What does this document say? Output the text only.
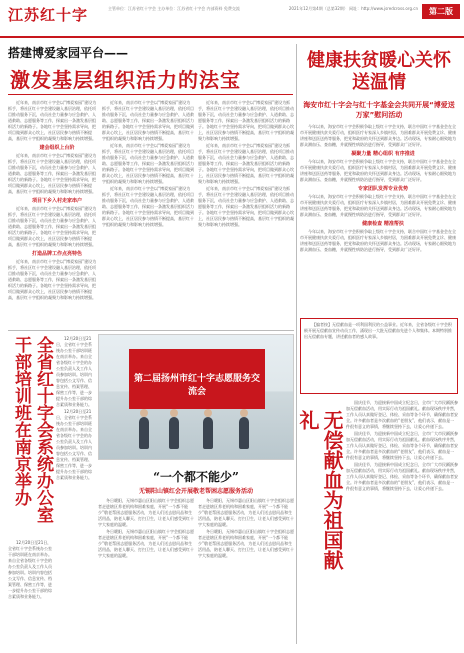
江苏红十字	主管单位：江苏省红十字会 主办单位：江苏省红十字会 内部资料 免费交流	2021年12月第4期（总第32期） 网址：http://www.jsredcross.org.cn	第二版
搭建博爱家园平台——
激发基层组织活力的法宝

近年来，南京市红十字会以“博爱家园”建设为抓手，将社区红十字会建设融入基层治理，依托项目推动服务下沉，动员社会力量参与应急救护、人道救助、志愿服务等工作，探索出一条激发基层组织活力的新路子。各地红十字会坚持需求导向，把项目做到群众心坎上，社区居民参与热情不断提高，基层红十字组织的凝聚力和影响力持续增强。

建会组织上台阶

近年来，南京市红十字会以“博爱家园”建设为抓手，将社区红十字会建设融入基层治理，依托项目推动服务下沉，动员社会力量参与应急救护、人道救助、志愿服务等工作，探索出一条激发基层组织活力的新路子。各地红十字会坚持需求导向，把项目做到群众心坎上，社区居民参与热情不断提高，基层红十字组织的凝聚力和影响力持续增强。

项目下乡入村走家串户

近年来，南京市红十字会以“博爱家园”建设为抓手，将社区红十字会建设融入基层治理，依托项目推动服务下沉，动员社会力量参与应急救护、人道救助、志愿服务等工作，探索出一条激发基层组织活力的新路子。各地红十字会坚持需求导向，把项目做到群众心坎上，社区居民参与热情不断提高，基层红十字组织的凝聚力和影响力持续增强。

打造品牌工作点亮特色

近年来，南京市红十字会以“博爱家园”建设为抓手，将社区红十字会建设融入基层治理，依托项目推动服务下沉，动员社会力量参与应急救护、人道救助、志愿服务等工作，探索出一条激发基层组织活力的新路子。各地红十字会坚持需求导向，把项目做到群众心坎上，社区居民参与热情不断提高，基层红十字组织的凝聚力和影响力持续增强。

近年来，南京市红十字会以“博爱家园”建设为抓手，将社区红十字会建设融入基层治理，依托项目推动服务下沉，动员社会力量参与应急救护、人道救助、志愿服务等工作，探索出一条激发基层组织活力的新路子。各地红十字会坚持需求导向，把项目做到群众心坎上，社区居民参与热情不断提高，基层红十字组织的凝聚力和影响力持续增强。

近年来，南京市红十字会以“博爱家园”建设为抓手，将社区红十字会建设融入基层治理，依托项目推动服务下沉，动员社会力量参与应急救护、人道救助、志愿服务等工作，探索出一条激发基层组织活力的新路子。各地红十字会坚持需求导向，把项目做到群众心坎上，社区居民参与热情不断提高，基层红十字组织的凝聚力和影响力持续增强。

近年来，南京市红十字会以“博爱家园”建设为抓手，将社区红十字会建设融入基层治理，依托项目推动服务下沉，动员社会力量参与应急救护、人道救助、志愿服务等工作，探索出一条激发基层组织活力的新路子。各地红十字会坚持需求导向，把项目做到群众心坎上，社区居民参与热情不断提高，基层红十字组织的凝聚力和影响力持续增强。

近年来，南京市红十字会以“博爱家园”建设为抓手，将社区红十字会建设融入基层治理，依托项目推动服务下沉，动员社会力量参与应急救护、人道救助、志愿服务等工作，探索出一条激发基层组织活力的新路子。各地红十字会坚持需求导向，把项目做到群众心坎上，社区居民参与热情不断提高，基层红十字组织的凝聚力和影响力持续增强。

近年来，南京市红十字会以“博爱家园”建设为抓手，将社区红十字会建设融入基层治理，依托项目推动服务下沉，动员社会力量参与应急救护、人道救助、志愿服务等工作，探索出一条激发基层组织活力的新路子。各地红十字会坚持需求导向，把项目做到群众心坎上，社区居民参与热情不断提高，基层红十字组织的凝聚力和影响力持续增强。

近年来，南京市红十字会以“博爱家园”建设为抓手，将社区红十字会建设融入基层治理，依托项目推动服务下沉，动员社会力量参与应急救护、人道救助、志愿服务等工作，探索出一条激发基层组织活力的新路子。各地红十字会坚持需求导向，把项目做到群众心坎上，社区居民参与热情不断提高，基层红十字组织的凝聚力和影响力持续增强。

健康扶贫暖心关怀送温情
海安市红十字会与红十字基金会共同开展“博爱送万家”慰问活动

今年以来，海安市红十字会积极争取上级红十字会支持，联合中国红十字基金会在全市开展健康扶贫关爱行动，组织医疗专家深入乡镇村居，为困难群众开展免费义诊、健康讲座和送医送药等服务，把党和政府的关怀送到群众身边。活动现场，专家耐心细致地为群众测血压、查血糖，并就慢性病防治进行指导，受到群众广泛好评。

凝聚力量 精心组织 有序推进

今年以来，海安市红十字会积极争取上级红十字会支持，联合中国红十字基金会在全市开展健康扶贫关爱行动，组织医疗专家深入乡镇村居，为困难群众开展免费义诊、健康讲座和送医送药等服务，把党和政府的关怀送到群众身边。活动现场，专家耐心细致地为群众测血压、查血糖，并就慢性病防治进行指导，受到群众广泛好评。

专家团队发挥专业优势

今年以来，海安市红十字会积极争取上级红十字会支持，联合中国红十字基金会在全市开展健康扶贫关爱行动，组织医疗专家深入乡镇村居，为困难群众开展免费义诊、健康讲座和送医送药等服务，把党和政府的关怀送到群众身边。活动现场，专家耐心细致地为群众测血压、查血糖，并就慢性病防治进行指导，受到群众广泛好评。

健康检查 精准帮扶

今年以来，海安市红十字会积极争取上级红十字会支持，联合中国红十字基金会在全市开展健康扶贫关爱行动，组织医疗专家深入乡镇村居，为困难群众开展免费义诊、健康讲座和送医送药等服务，把党和政府的关怀送到群众身边。活动现场，专家耐心细致地为群众测血压、查血糖，并就慢性病防治进行指导，受到群众广泛好评。

全省红十字会系统办公室干部培训班在南京举办	12月20日至21日，全省红十字会系统办公室干部培训班在南京举办。来自全省各级红十字会的办公室负责人及工作人员参加培训。培训内容包括公文写作、信息宣传、档案管理、保密工作等，进一步提升办公室干部的综合素质和业务能力。

12月20日至21日，全省红十字会系统办公室干部培训班在南京举办。来自全省各级红十字会的办公室负责人及工作人员参加培训。培训内容包括公文写作、信息宣传、档案管理、保密工作等，进一步提升办公室干部的综合素质和业务能力。

12月20日至21日，全省红十字会系统办公室干部培训班在南京举办。来自全省各级红十字会的办公室负责人及工作人员参加培训。培训内容包括公文写作、信息宣传、档案管理、保密工作等，进一步提升办公室干部的综合素质和业务能力。

第二届扬州市红十字志愿服务交流会
“一个都不能少”
无锡阳山镇红会开展敬老帮困志愿服务活动

冬日暖阳，无锡市惠山区阳山镇红十字会组织志愿者走进辖区养老机构和困难家庭，开展“一个都不能少”敬老帮困志愿服务活动，为老人们送去慰问品和生活用品，陪老人聊天、打扫卫生，让老人们感受到红十字大家庭的温暖。

冬日暖阳，无锡市惠山区阳山镇红十字会组织志愿者走进辖区养老机构和困难家庭，开展“一个都不能少”敬老帮困志愿服务活动，为老人们送去慰问品和生活用品，陪老人聊天、打扫卫生，让老人们感受到红十字大家庭的温暖。

冬日暖阳，无锡市惠山区阳山镇红十字会组织志愿者走进辖区养老机构和困难家庭，开展“一个都不能少”敬老帮困志愿服务活动，为老人们送去慰问品和生活用品，陪老人聊天、打扫卫生，让老人们感受到红十字大家庭的温暖。

冬日暖阳，无锡市惠山区阳山镇红十字会组织志愿者走进辖区养老机构和困难家庭，开展“一个都不能少”敬老帮困志愿服务活动，为老人们送去慰问品和生活用品，陪老人聊天、打扫卫生，让老人们感受到红十字大家庭的温暖。

【编者按】无偿献血是一项利国利民的公益事业。近年来，全省各级红十字会积极开展无偿献血宣传动员工作，涌现出一大批无偿献血先进个人和集体。本期特别推出无偿献血专题，讲述献血者的感人故事。

无偿献血为祖国献礼

国庆佳节，为迎接新中国成立纪念日，全市广大市民踊跃参加无偿献血活动，用实际行动为祖国献礼。献血现场秩序井然，工作人员认真做好登记、体检、采血等各个环节，确保献血者安全。许多献血者是多次献血的“老朋友”，他们表示，献血是一件很有意义的事情，将继续坚持下去，让爱心传递下去。

国庆佳节，为迎接新中国成立纪念日，全市广大市民踊跃参加无偿献血活动，用实际行动为祖国献礼。献血现场秩序井然，工作人员认真做好登记、体检、采血等各个环节，确保献血者安全。许多献血者是多次献血的“老朋友”，他们表示，献血是一件很有意义的事情，将继续坚持下去，让爱心传递下去。

国庆佳节，为迎接新中国成立纪念日，全市广大市民踊跃参加无偿献血活动，用实际行动为祖国献礼。献血现场秩序井然，工作人员认真做好登记、体检、采血等各个环节，确保献血者安全。许多献血者是多次献血的“老朋友”，他们表示，献血是一件很有意义的事情，将继续坚持下去，让爱心传递下去。
